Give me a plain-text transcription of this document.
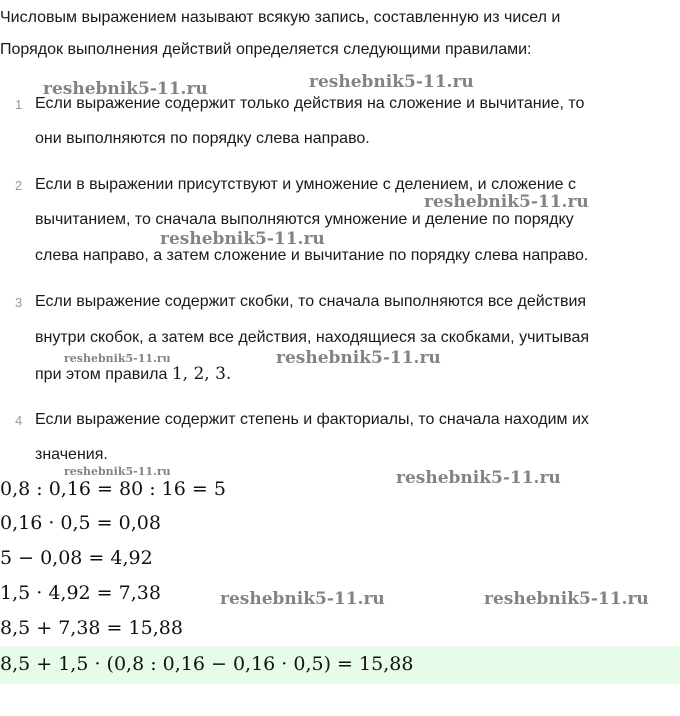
Числовым выражением называют всякую запись, составленную из чисел и
Порядок выполнения действий определяется следующими правилами:
1 Если выражение содержит только действия на сложение и вычитание, то
они выполняются по порядку слева направо.
2 Если в выражении присутствуют и умножение с делением, и сложение с
вычитанием, то сначала выполняются умножение и деление по порядку
слева направо, а затем сложение и вычитание по порядку слева направо.
3 Если выражение содержит скобки, то сначала выполняются все действия
внутри скобок, а затем все действия, находящиеся за скобками, учитывая
при этом правила 1, 2, 3.
4 Если выражение содержит степень и факториалы, то сначала находим их
значения.
0,8 : 0,16 = 80 : 16 = 5
0,16 · 0,5 = 0,08
5 − 0,08 = 4,92
1,5 · 4,92 = 7,38
8,5 + 7,38 = 15,88
8,5 + 1,5 · (0,8 : 0,16 − 0,16 · 0,5) = 15,88
reshebnik5-11.ru	reshebnik5-11.ru
reshebnik5-11.ru
reshebnik5-11.ru
reshebnik5-11.ru	reshebnik5-11.ru
reshebnik5-11.ru	reshebnik5-11.ru
reshebnik5-11.ru	reshebnik5-11.ru
